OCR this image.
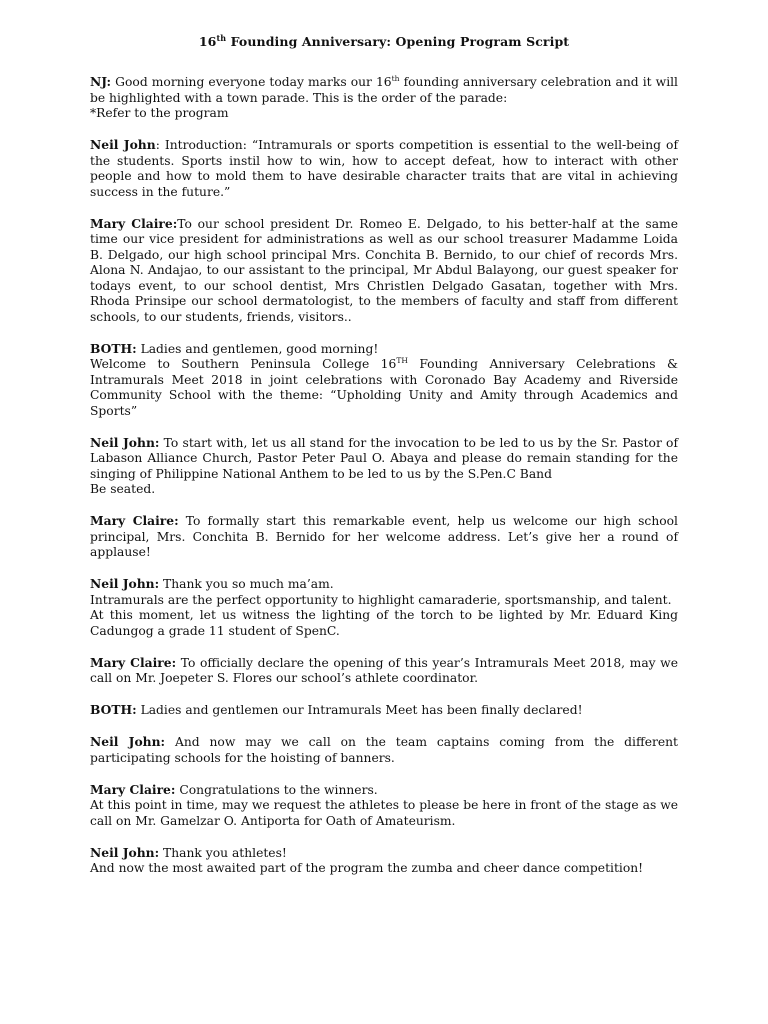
16th Founding Anniversary: Opening Program Script

NJ: Good morning everyone today marks our 16th founding anniversary celebration and it will be highlighted with a town parade. This is the order of the parade:
*Refer to the program

Neil John: Introduction: “Intramurals or sports competition is essential to the well-being of the students. Sports instil how to win, how to accept defeat, how to interact with other people and how to mold them to have desirable character traits that are vital in achieving success in the future.”

Mary Claire:To our school president Dr. Romeo E. Delgado, to his better-half at the same time our vice president for administrations as well as our school treasurer Madamme Loida B. Delgado, our high school principal Mrs. Conchita B. Bernido, to our chief of records Mrs. Alona N. Andajao, to our assistant to the principal, Mr Abdul Balayong, our guest speaker for todays event, to our school dentist, Mrs Christlen Delgado Gasatan, together with Mrs. Rhoda Prinsipe our school dermatologist, to the members of faculty and staff from different schools, to our students, friends, visitors..

BOTH: Ladies and gentlemen, good morning!
Welcome to Southern Peninsula College 16TH Founding Anniversary Celebrations & Intramurals Meet 2018 in joint celebrations with Coronado Bay Academy and Riverside Community School with the theme: “Upholding Unity and Amity through Academics and Sports”

Neil John: To start with, let us all stand for the invocation to be led to us by the Sr. Pastor of Labason Alliance Church, Pastor Peter Paul O. Abaya and please do remain standing for the singing of Philippine National Anthem to be led to us by the S.Pen.C Band
Be seated.

Mary Claire: To formally start this remarkable event, help us welcome our high school principal, Mrs. Conchita B. Bernido for her welcome address. Let’s give her a round of applause!

Neil John: Thank you so much ma’am.
Intramurals are the perfect opportunity to highlight camaraderie, sportsmanship, and talent.
At this moment, let us witness the lighting of the torch to be lighted by Mr. Eduard King Cadungog a grade 11 student of SpenC.

Mary Claire: To officially declare the opening of this year’s Intramurals Meet 2018, may we call on Mr. Joepeter S. Flores our school’s athlete coordinator.

BOTH: Ladies and gentlemen our Intramurals Meet has been finally declared!

Neil John: And now may we call on the team captains coming from the different participating schools for the hoisting of banners.

Mary Claire: Congratulations to the winners.
At this point in time, may we request the athletes to please be here in front of the stage as we call on Mr. Gamelzar O. Antiporta for Oath of Amateurism.

Neil John: Thank you athletes!
And now the most awaited part of the program the zumba and cheer dance competition!
